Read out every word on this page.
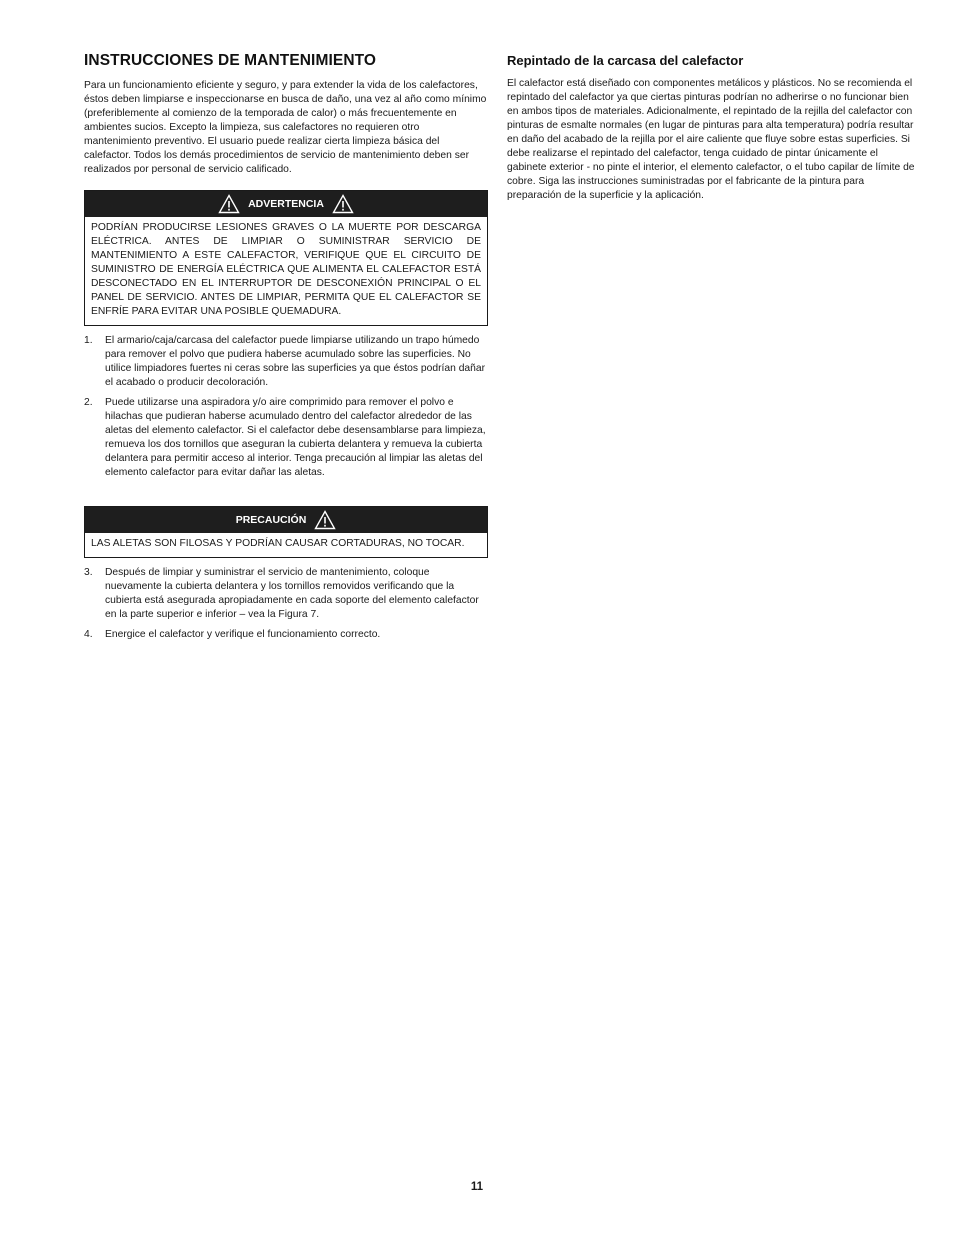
INSTRUCCIONES DE MANTENIMIENTO

Para un funcionamiento eficiente y seguro, y para extender la vida de los calefactores, éstos deben limpiarse e inspeccionarse en busca de daño, una vez al año como mínimo (preferiblemente al comienzo de la temporada de calor) o más frecuentemente en ambientes sucios. Excepto la limpieza, sus calefactores no requieren otro mantenimiento preventivo. El usuario puede realizar cierta limpieza básica del calefactor. Todos los demás procedimientos de servicio de mantenimiento deben ser realizados por personal de servicio calificado.

ADVERTENCIA
PODRÍAN PRODUCIRSE LESIONES GRAVES O LA MUERTE POR DESCARGA ELÉCTRICA. ANTES DE LIMPIAR O SUMINISTRAR SERVICIO DE MANTENIMIENTO A ESTE CALEFACTOR, VERIFIQUE QUE EL CIRCUITO DE SUMINISTRO DE ENERGÍA ELÉCTRICA QUE ALIMENTA EL CALEFACTOR ESTÁ DESCONECTADO EN EL INTERRUPTOR DE DESCONEXIÓN PRINCIPAL O EL PANEL DE SERVICIO. ANTES DE LIMPIAR, PERMITA QUE EL CALEFACTOR SE ENFRÍE PARA EVITAR UNA POSIBLE QUEMADURA.
1.	El armario/caja/carcasa del calefactor puede limpiarse utilizando un trapo húmedo para remover el polvo que pudiera haberse acumulado sobre las superficies. No utilice limpiadores fuertes ni ceras sobre las superficies ya que éstos podrían dañar el acabado o producir decoloración.
2.	Puede utilizarse una aspiradora y/o aire comprimido para remover el polvo e hilachas que pudieran haberse acumulado dentro del calefactor alrededor de las aletas del elemento calefactor. Si el calefactor debe desensamblarse para limpieza, remueva los dos tornillos que aseguran la cubierta delantera y remueva la cubierta delantera para permitir acceso al interior. Tenga precaución al limpiar las aletas del elemento calefactor para evitar dañar las aletas.
PRECAUCIÓN
LAS ALETAS SON FILOSAS Y PODRÍAN CAUSAR CORTADURAS, NO TOCAR.
3.	Después de limpiar y suministrar el servicio de mantenimiento, coloque nuevamente la cubierta delantera y los tornillos removidos verificando que la cubierta está asegurada apropiadamente en cada soporte del elemento calefactor en la parte superior e inferior – vea la Figura 7.
4.	Energice el calefactor y verifique el funcionamiento correcto.
Repintado de la carcasa del calefactor

El calefactor está diseñado con componentes metálicos y plásticos. No se recomienda el repintado del calefactor ya que ciertas pinturas podrían no adherirse o no funcionar bien en ambos tipos de materiales. Adicionalmente, el repintado de la rejilla del calefactor con pinturas de esmalte normales (en lugar de pinturas para alta temperatura) podría resultar en daño del acabado de la rejilla por el aire caliente que fluye sobre estas superficies. Si debe realizarse el repintado del calefactor, tenga cuidado de pintar únicamente el gabinete exterior - no pinte el interior, el elemento calefactor, o el tubo capilar de límite de cobre. Siga las instrucciones suministradas por el fabricante de la pintura para preparación de la superficie y la aplicación.

11
